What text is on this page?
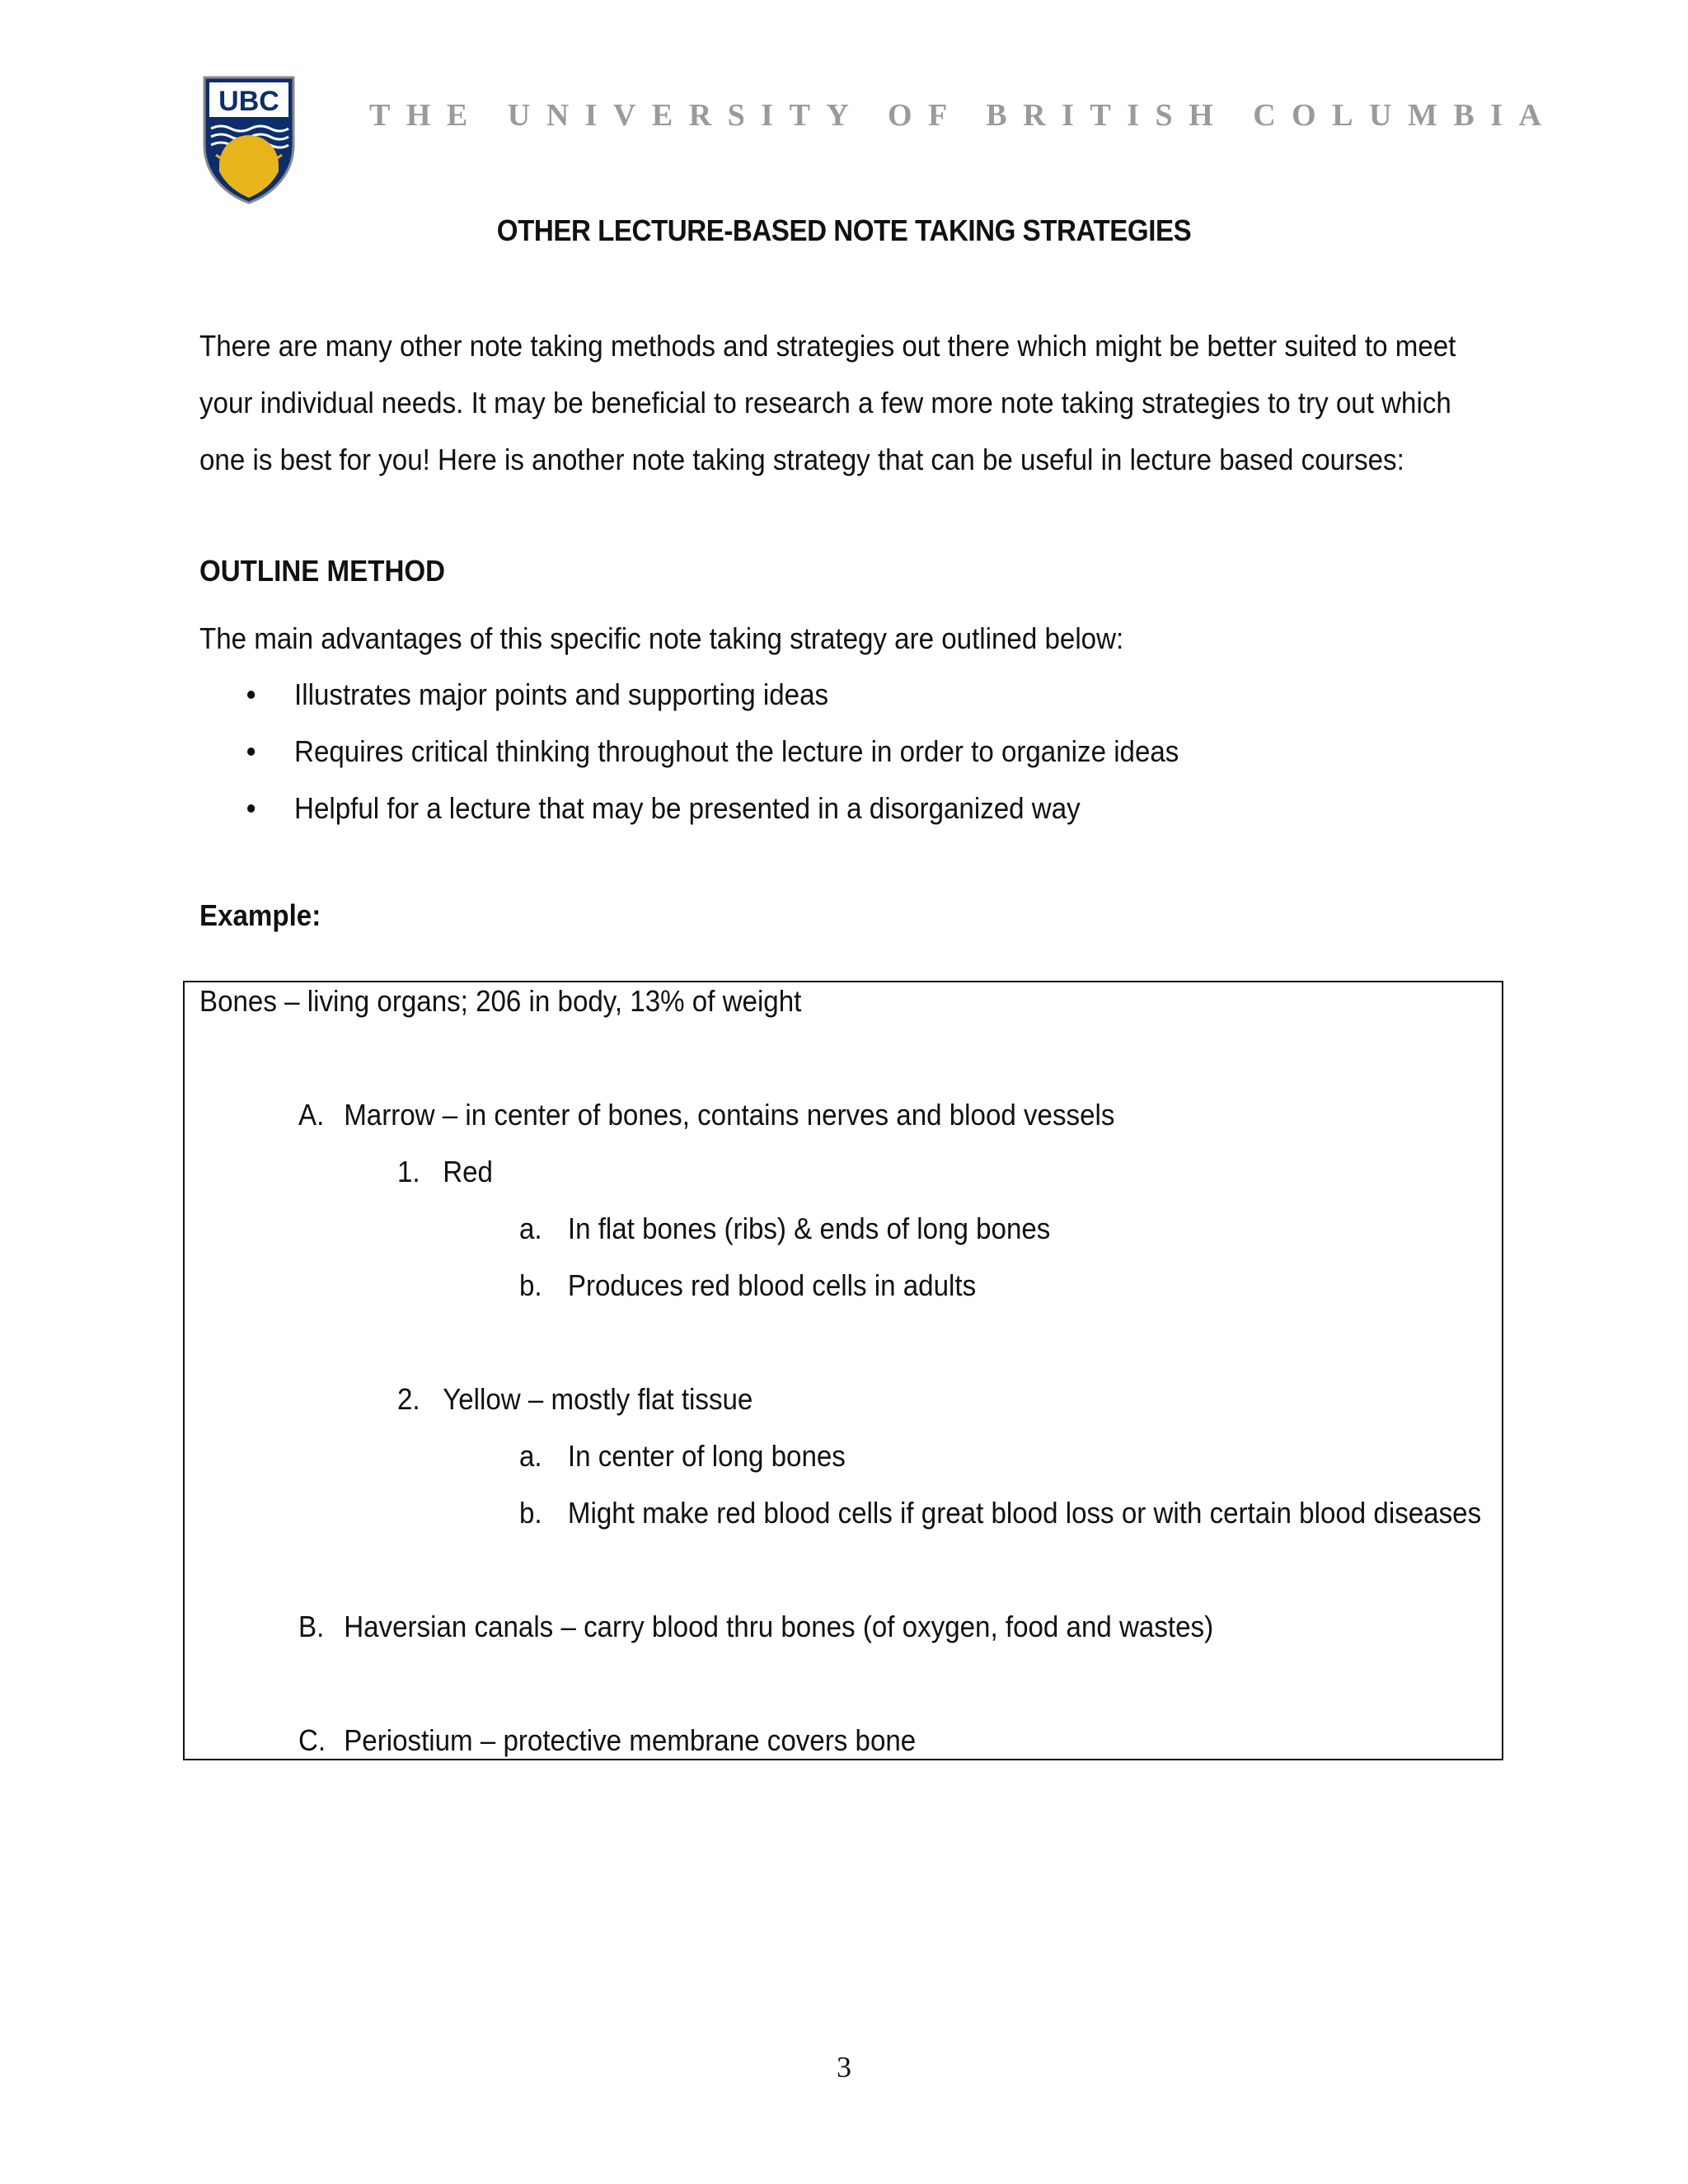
UBC	THE UNIVERSITY OF BRITISH COLUMBIA
OTHER LECTURE-BASED NOTE TAKING STRATEGIES

There are many other note taking methods and strategies out there which might be better suited to meet

your individual needs. It may be beneficial to research a few more note taking strategies to try out which

one is best for you! Here is another note taking strategy that can be useful in lecture based courses:

OUTLINE METHOD
The main advantages of this specific note taking strategy are outlined below:
Illustrates major points and supporting ideas
Requires critical thinking throughout the lecture in order to organize ideas
Helpful for a lecture that may be presented in a disorganized way
Example:
Bones – living organs; 206 in body, 13% of weight
A. Marrow – in center of bones, contains nerves and blood vessels
1. Red
a. In flat bones (ribs) & ends of long bones
b. Produces red blood cells in adults
2. Yellow – mostly flat tissue
a. In center of long bones
b. Might make red blood cells if great blood loss or with certain blood diseases
B. Haversian canals – carry blood thru bones (of oxygen, food and wastes)
C. Periostium – protective membrane covers bone
3
